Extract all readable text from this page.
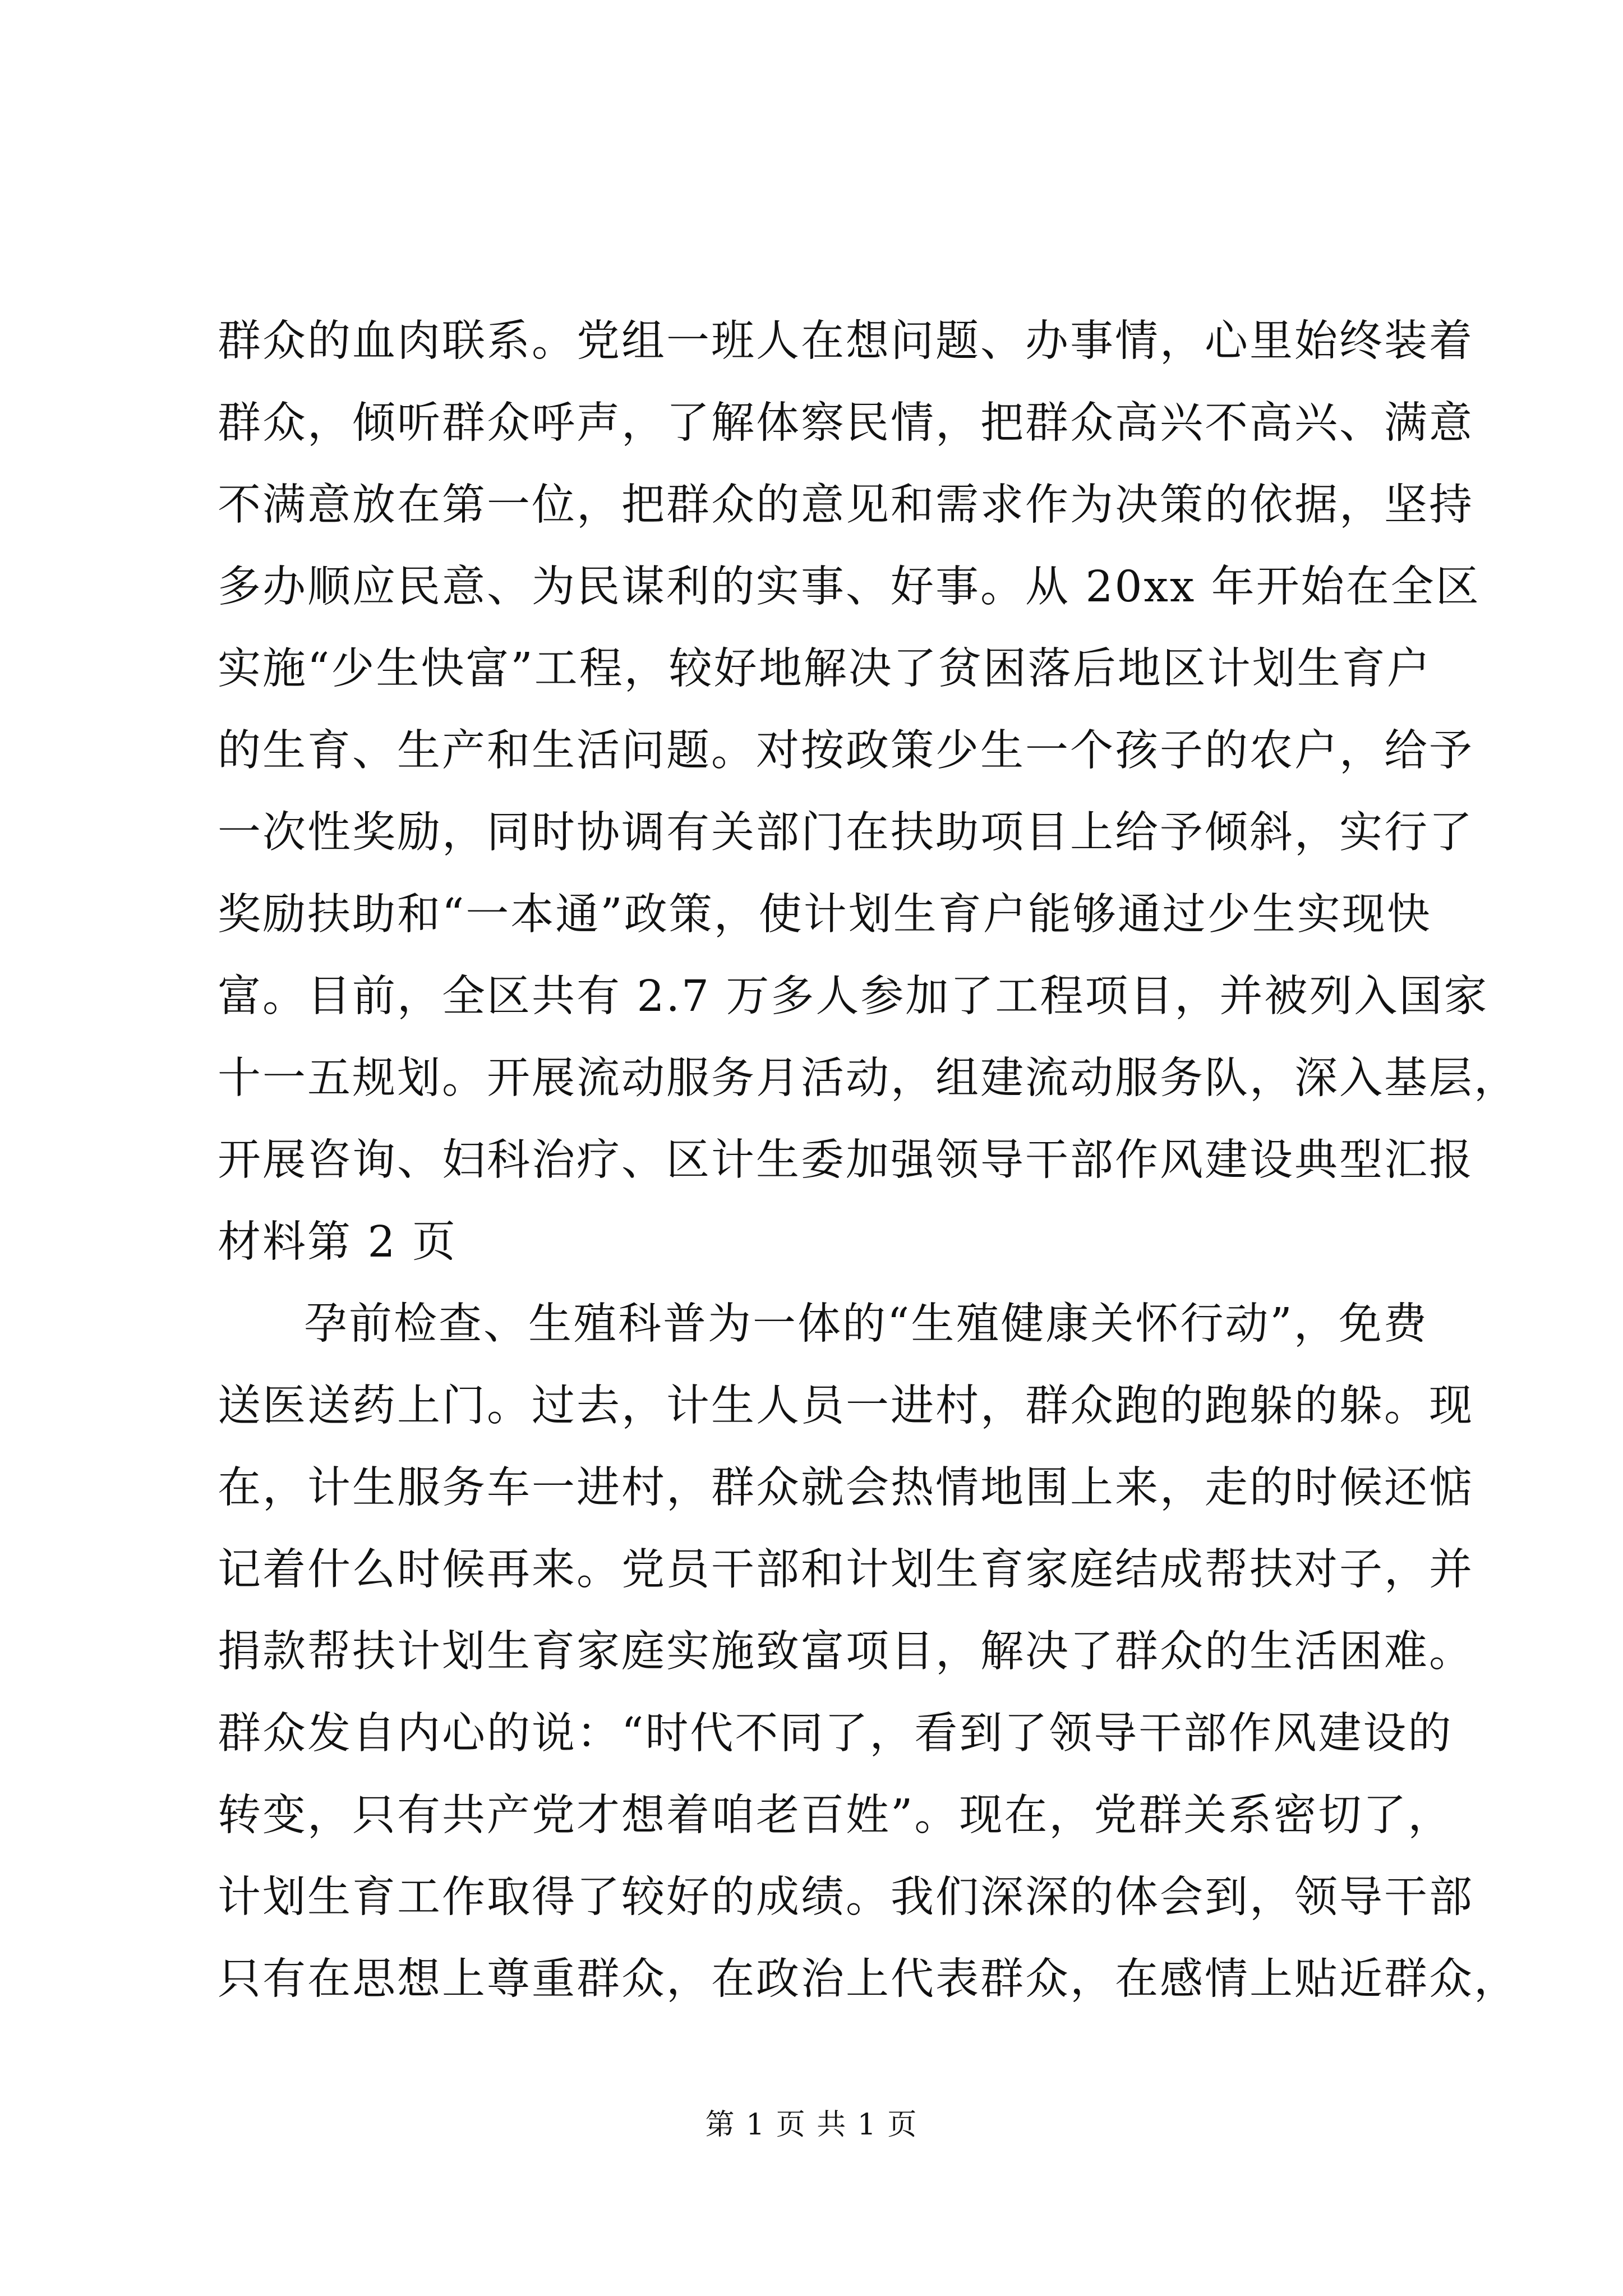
群众的血肉联系。党组一班人在想问题、办事情，心里始终装着
群众，倾听群众呼声，了解体察民情，把群众高兴不高兴、满意
不满意放在第一位，把群众的意见和需求作为决策的依据，坚持
多办顺应民意、为民谋利的实事、好事。从 20xx 年开始在全区
实施“少生快富”工程，较好地解决了贫困落后地区计划生育户
的生育、生产和生活问题。对按政策少生一个孩子的农户，给予
一次性奖励，同时协调有关部门在扶助项目上给予倾斜，实行了
奖励扶助和“一本通”政策，使计划生育户能够通过少生实现快
富。目前，全区共有 2.7 万多人参加了工程项目，并被列入国家
十一五规划。开展流动服务月活动，组建流动服务队，深入基层，
开展咨询、妇科治疗、区计生委加强领导干部作风建设典型汇报
材料第 2 页

孕前检查、生殖科普为一体的“生殖健康关怀行动”，免费
送医送药上门。过去，计生人员一进村，群众跑的跑躲的躲。现
在，计生服务车一进村，群众就会热情地围上来，走的时候还惦
记着什么时候再来。党员干部和计划生育家庭结成帮扶对子，并
捐款帮扶计划生育家庭实施致富项目，解决了群众的生活困难。
群众发自内心的说：“时代不同了，看到了领导干部作风建设的
转变，只有共产党才想着咱老百姓”。现在，党群关系密切了，
计划生育工作取得了较好的成绩。我们深深的体会到，领导干部
只有在思想上尊重群众，在政治上代表群众，在感情上贴近群众，

第 1 页 共 1 页
